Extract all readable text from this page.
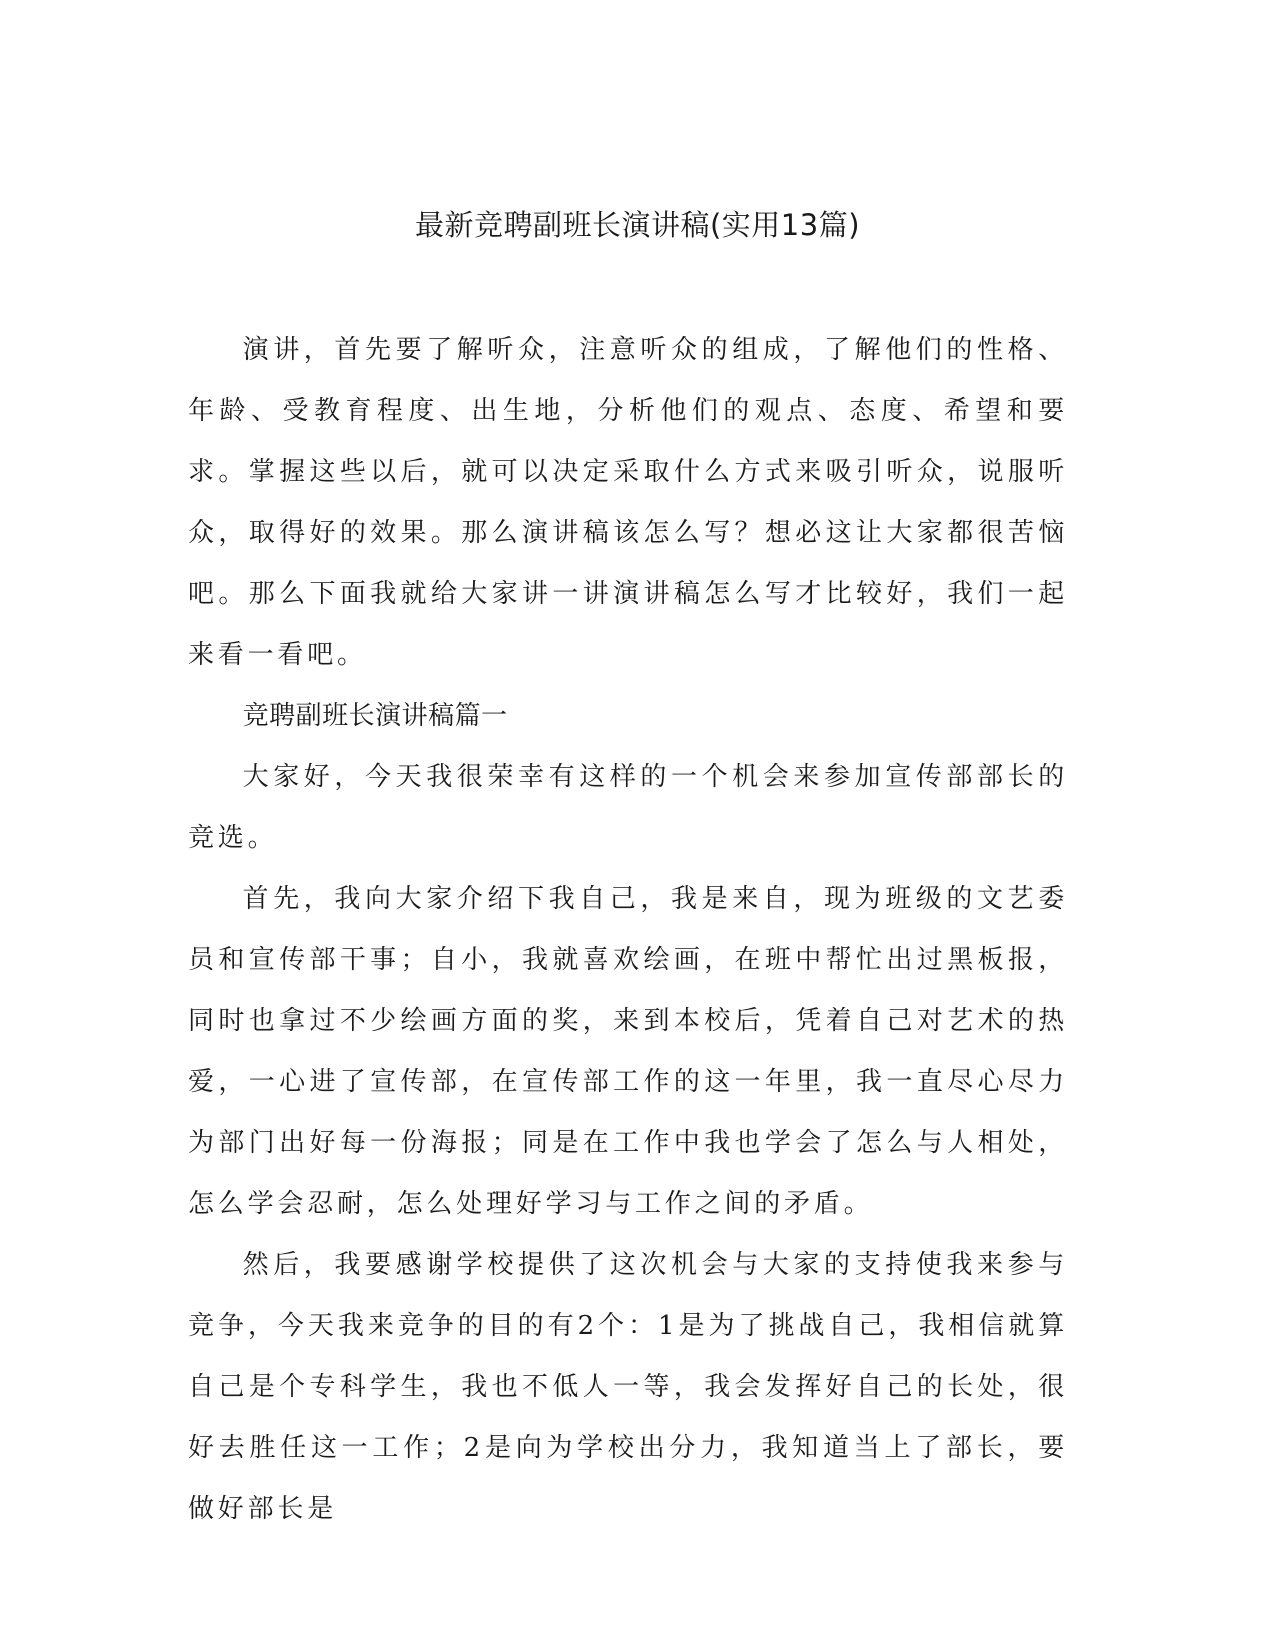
最新竞聘副班长演讲稿(实用13篇)

演讲，首先要了解听众，注意听众的组成，了解他们的性格、年龄、受教育程度、出生地，分析他们的观点、态度、希望和要求。掌握这些以后，就可以决定采取什么方式来吸引听众，说服听众，取得好的效果。那么演讲稿该怎么写？想必这让大家都很苦恼吧。那么下面我就给大家讲一讲演讲稿怎么写才比较好，我们一起来看一看吧。

竞聘副班长演讲稿篇一

大家好，今天我很荣幸有这样的一个机会来参加宣传部部长的竞选。

首先，我向大家介绍下我自己，我是来自，现为班级的文艺委员和宣传部干事；自小，我就喜欢绘画，在班中帮忙出过黑板报，同时也拿过不少绘画方面的奖，来到本校后，凭着自己对艺术的热爱，一心进了宣传部，在宣传部工作的这一年里，我一直尽心尽力为部门出好每一份海报；同是在工作中我也学会了怎么与人相处，怎么学会忍耐，怎么处理好学习与工作之间的矛盾。

然后，我要感谢学校提供了这次机会与大家的支持使我来参与竞争，今天我来竞争的目的有2个：1是为了挑战自己，我相信就算自己是个专科学生，我也不低人一等，我会发挥好自己的长处，很好去胜任这一工作；2是向为学校出分力，我知道当上了部长，要做好部长是
